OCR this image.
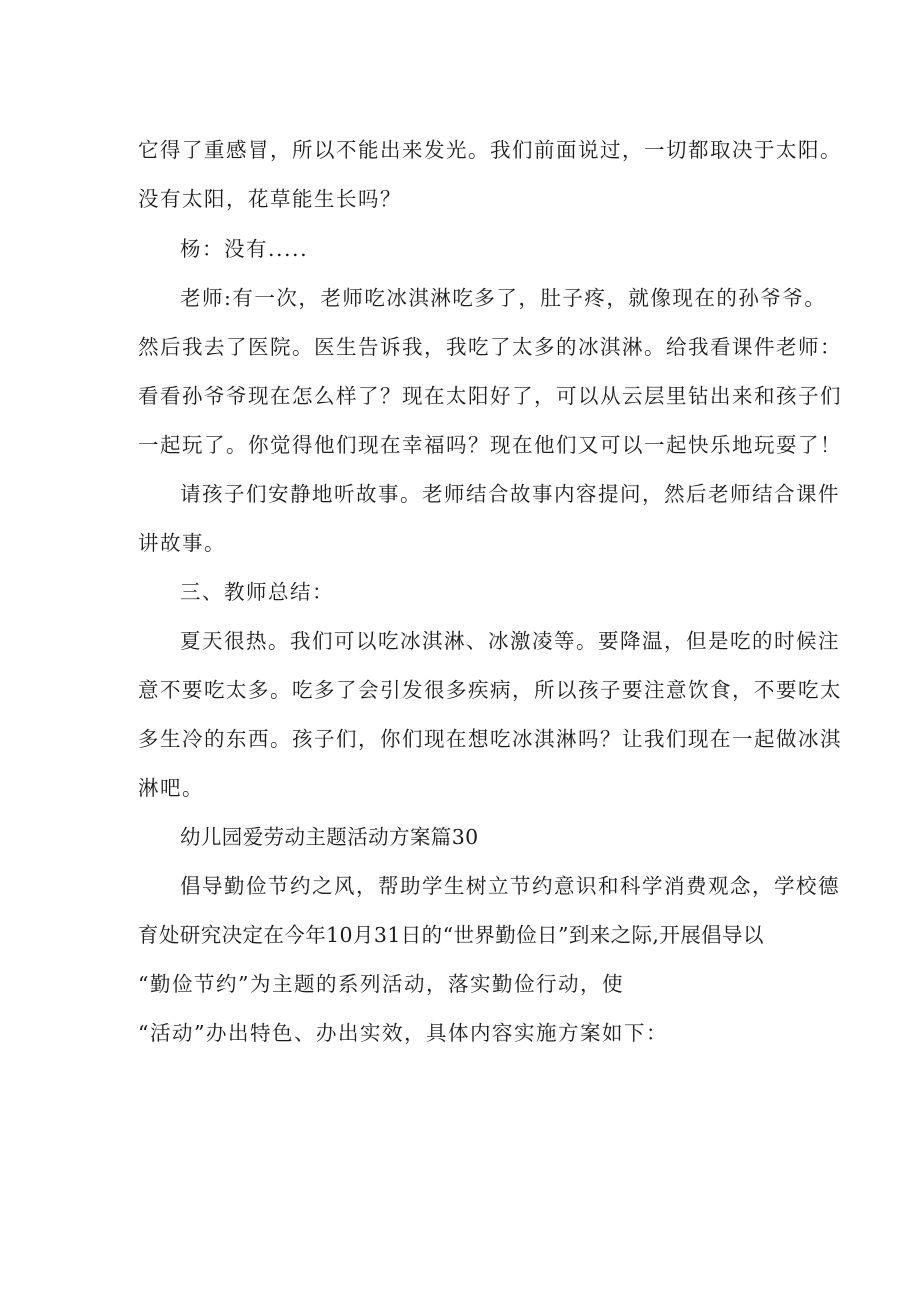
它得了重感冒，所以不能出来发光。我们前面说过，一切都取决于太阳。
没有太阳，花草能生长吗？
杨：没有.....
老师:有一次，老师吃冰淇淋吃多了，肚子疼，就像现在的孙爷爷。
然后我去了医院。医生告诉我，我吃了太多的冰淇淋。给我看课件老师：
看看孙爷爷现在怎么样了？现在太阳好了，可以从云层里钻出来和孩子们
一起玩了。你觉得他们现在幸福吗？现在他们又可以一起快乐地玩耍了！
请孩子们安静地听故事。老师结合故事内容提问，然后老师结合课件
讲故事。
三、教师总结：
夏天很热。我们可以吃冰淇淋、冰激凌等。要降温，但是吃的时候注
意不要吃太多。吃多了会引发很多疾病，所以孩子要注意饮食，不要吃太
多生冷的东西。孩子们，你们现在想吃冰淇淋吗？让我们现在一起做冰淇
淋吧。
幼儿园爱劳动主题活动方案篇30
倡导勤俭节约之风，帮助学生树立节约意识和科学消费观念，学校德
育处研究决定在今年10月31日的“世界勤俭日”到来之际,开展倡导以
“勤俭节约”为主题的系列活动，落实勤俭行动，使
“活动”办出特色、办出实效，具体内容实施方案如下：
